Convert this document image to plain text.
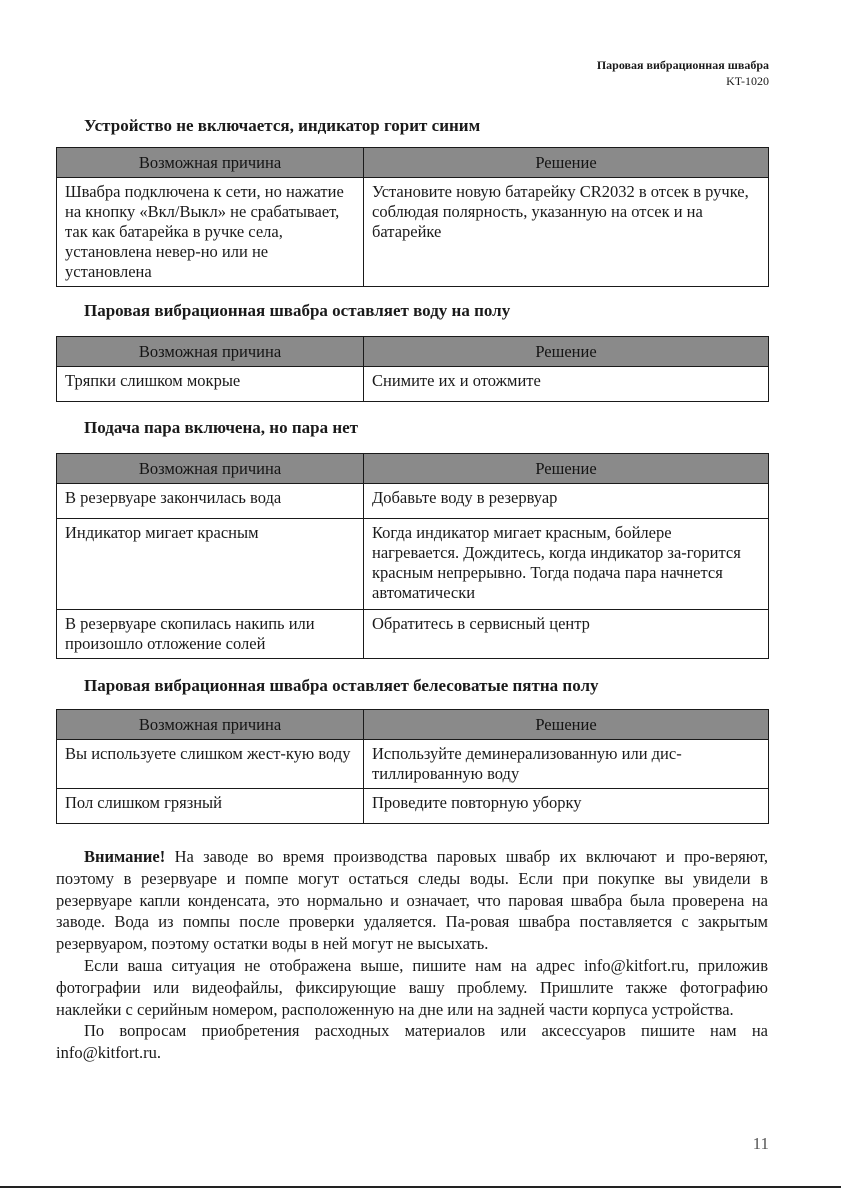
Паровая вибрационная швабра
KT-1020
Устройство не включается, индикатор горит синим
Возможная причина	Решение
Швабра подключена к сети, но нажатие на кнопку «Вкл/Выкл» не срабатывает, так как батарейка в ручке села, установлена невер-но или не установлена	Установите новую батарейку CR2032 в отсек в ручке, соблюдая полярность, указанную на отсек и на батарейке
Паровая вибрационная швабра оставляет воду на полу
Возможная причина	Решение
Тряпки слишком мокрые	Снимите их и отожмите
Подача пара включена, но пара нет
Возможная причина	Решение
В резервуаре закончилась вода	Добавьте воду в резервуар
Индикатор мигает красным	Когда индикатор мигает красным, бойлере нагревается. Дождитесь, когда индикатор за-горится красным непрерывно. Тогда подача пара начнется автоматически
В резервуаре скопилась накипь или произошло отложение солей	Обратитесь в сервисный центр
Паровая вибрационная швабра оставляет белесоватые пятна полу
Возможная причина	Решение
Вы используете слишком жест-кую воду	Используйте деминерализованную или дис-тиллированную воду
Пол слишком грязный	Проведите повторную уборку

Внимание! На заводе во время производства паровых швабр их включают и про-веряют, поэтому в резервуаре и помпе могут остаться следы воды. Если при покупке вы увидели в резервуаре капли конденсата, это нормально и означает, что паровая швабра была проверена на заводе. Вода из помпы после проверки удаляется. Па-ровая швабра поставляется с закрытым резервуаром, поэтому остатки воды в ней могут не высыхать.

Если ваша ситуация не отображена выше, пишите нам на адрес info@kitfort.ru, приложив фотографии или видеофайлы, фиксирующие вашу проблему. Пришлите также фотографию наклейки с серийным номером, расположенную на дне или на задней части корпуса устройства.

По вопросам приобретения расходных материалов или аксессуаров пишите нам на info@kitfort.ru.

11
